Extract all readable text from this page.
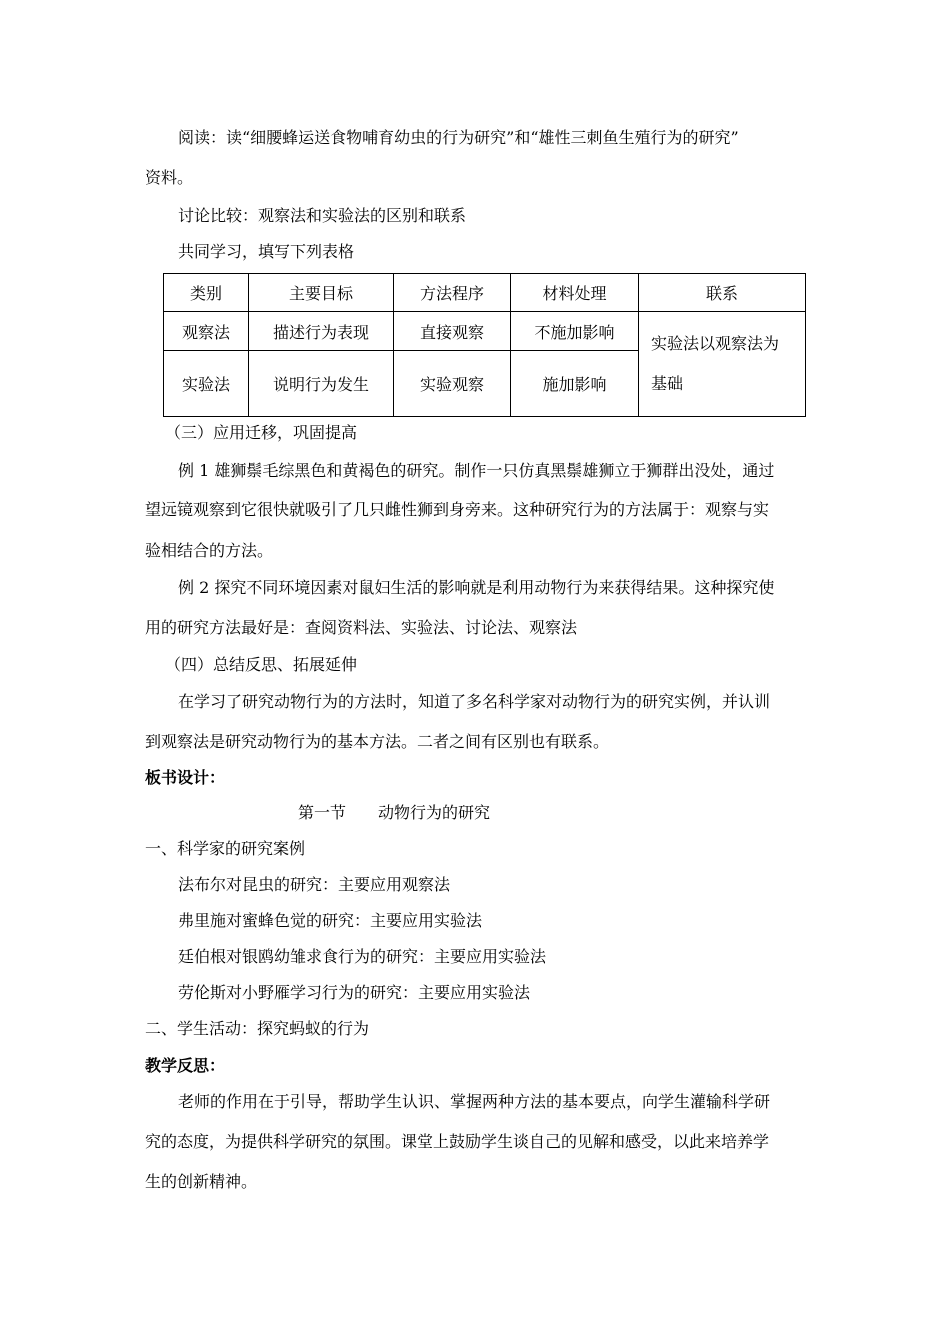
阅读：读“细腰蜂运送食物哺育幼虫的行为研究”和“雄性三刺鱼生殖行为的研究”
资料。
讨论比较：观察法和实验法的区别和联系
共同学习，填写下列表格
类别	主要目标	方法程序	材料处理	联系
观察法	描述行为表现	直接观察	不施加影响	实验法以观察法为
基础

实验法	说明行为发生	实验观察	施加影响	
（三）应用迁移，巩固提高
例 1 雄狮鬃毛综黑色和黄褐色的研究。制作一只仿真黑鬃雄狮立于狮群出没处，通过
望远镜观察到它很快就吸引了几只雌性狮到身旁来。这种研究行为的方法属于：观察与实
验相结合的方法。
例 2 探究不同环境因素对鼠妇生活的影响就是利用动物行为来获得结果。这种探究使
用的研究方法最好是：查阅资料法、实验法、讨论法、观察法
（四）总结反思、拓展延伸
在学习了研究动物行为的方法时，知道了多名科学家对动物行为的研究实例，并认训
到观察法是研究动物行为的基本方法。二者之间有区别也有联系。
板书设计：
第一节　　动物行为的研究
一、科学家的研究案例
法布尔对昆虫的研究：主要应用观察法
弗里施对蜜蜂色觉的研究：主要应用实验法
廷伯根对银鸥幼雏求食行为的研究：主要应用实验法
劳伦斯对小野雁学习行为的研究：主要应用实验法
二、学生活动：探究蚂蚁的行为
教学反思：
老师的作用在于引导，帮助学生认识、掌握两种方法的基本要点，向学生灌输科学研
究的态度，为提供科学研究的氛围。课堂上鼓励学生谈自己的见解和感受，以此来培养学
生的创新精神。
